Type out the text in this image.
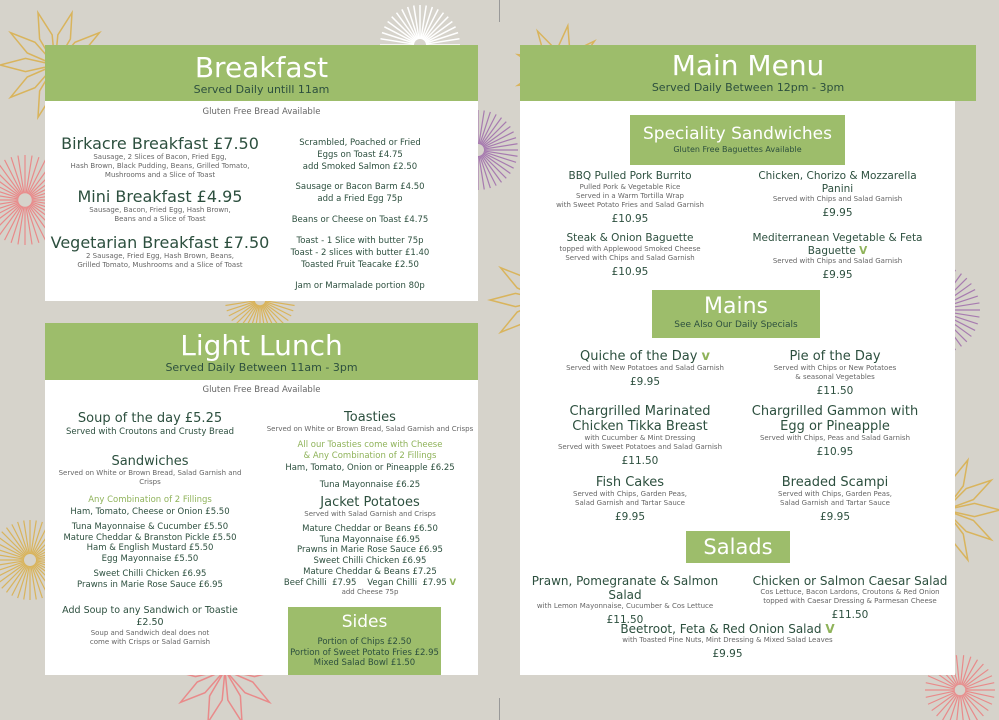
Breakfast
Served Daily untill 11am
Gluten Free Bread Available
Birkacre Breakfast £7.50
Sausage, 2 Slices of Bacon, Fried Egg,
Hash Brown, Black Pudding, Beans, Grilled Tomato,
Mushrooms and a Slice of Toast
Mini Breakfast £4.95
Sausage, Bacon, Fried Egg, Hash Brown,
Beans and a Slice of Toast
Vegetarian Breakfast £7.50
2 Sausage, Fried Egg, Hash Brown, Beans,
Grilled Tomato, Mushrooms and a Slice of Toast
Scrambled, Poached or Fried
Eggs on Toast £4.75
add Smoked Salmon £2.50
Sausage or Bacon Barm £4.50
add a Fried Egg 75p
Beans or Cheese on Toast £4.75
Toast - 1 Slice with butter 75p
Toast - 2 slices with butter £1.40
Toasted Fruit Teacake £2.50
Jam or Marmalade portion 80p
Light Lunch
Served Daily Between 11am - 3pm
Gluten Free Bread Available
Soup of the day £5.25
Served with Croutons and Crusty Bread
Sandwiches
Served on White or Brown Bread, Salad Garnish and Crisps
Any Combination of 2 Fillings
Ham, Tomato, Cheese or Onion £5.50
Tuna Mayonnaise & Cucumber £5.50
Mature Cheddar & Branston Pickle £5.50
Ham & English Mustard £5.50
Egg Mayonnaise £5.50
Sweet Chilli Chicken £6.95
Prawns in Marie Rose Sauce £6.95
Add Soup to any Sandwich or Toastie £2.50
Soup and Sandwich deal does not
come with Crisps or Salad Garnish
Toasties
Served on White or Brown Bread, Salad Garnish and Crisps
All our Toasties come with Cheese
& Any Combination of 2 Fillings
Ham, Tomato, Onion or Pineapple £6.25
Tuna Mayonnaise £6.25
Jacket Potatoes
Served with Salad Garnish and Crisps
Mature Cheddar or Beans £6.50
Tuna Mayonnaise £6.95
Prawns in Marie Rose Sauce £6.95
Sweet Chilli Chicken £6.95
Mature Cheddar & Beans £7.25
Beef Chilli  £7.95    Vegan Chilli  £7.95 V
add Cheese 75p
Sides
Portion of Chips £2.50
Portion of Sweet Potato Fries £2.95
Mixed Salad Bowl £1.50
Main Menu
Served Daily Between 12pm - 3pm
Speciality Sandwiches
Gluten Free Baguettes Available
BBQ Pulled Pork Burrito
Pulled Pork & Vegetable Rice
Served in a Warm Tortilla Wrap
with Sweet Potato Fries and Salad Garnish
£10.95
Chicken, Chorizo & Mozzarella Panini
Served with Chips and Salad Garnish
£9.95
Steak & Onion Baguette
topped with Applewood Smoked Cheese
Served with Chips and Salad Garnish
£10.95
Mediterranean Vegetable & Feta Baguette V
Served with Chips and Salad Garnish
£9.95
Mains
See Also Our Daily Specials
Quiche of the Day v
Served with New Potatoes and Salad Garnish
£9.95
Pie of the Day
Served with Chips or New Potatoes
& seasonal Vegetables
£11.50
Chargrilled Marinated Chicken Tikka Breast
with Cucumber & Mint Dressing
Served with Sweet Potatoes and Salad Garnish
£11.50
Chargrilled Gammon with Egg or Pineapple
Served with Chips, Peas and Salad Garnish
£10.95
Fish Cakes
Served with Chips, Garden Peas,
Salad Garnish and Tartar Sauce
£9.95
Breaded Scampi
Served with Chips, Garden Peas,
Salad Garnish and Tartar Sauce
£9.95
Salads
Prawn, Pomegranate & Salmon Salad
with Lemon Mayonnaise, Cucumber & Cos Lettuce
£11.50
Chicken or Salmon Caesar Salad
Cos Lettuce, Bacon Lardons, Croutons & Red Onion
topped with Caesar Dressing & Parmesan Cheese
£11.50
Beetroot, Feta & Red Onion Salad V
with Toasted Pine Nuts, Mint Dressing & Mixed Salad Leaves
£9.95
